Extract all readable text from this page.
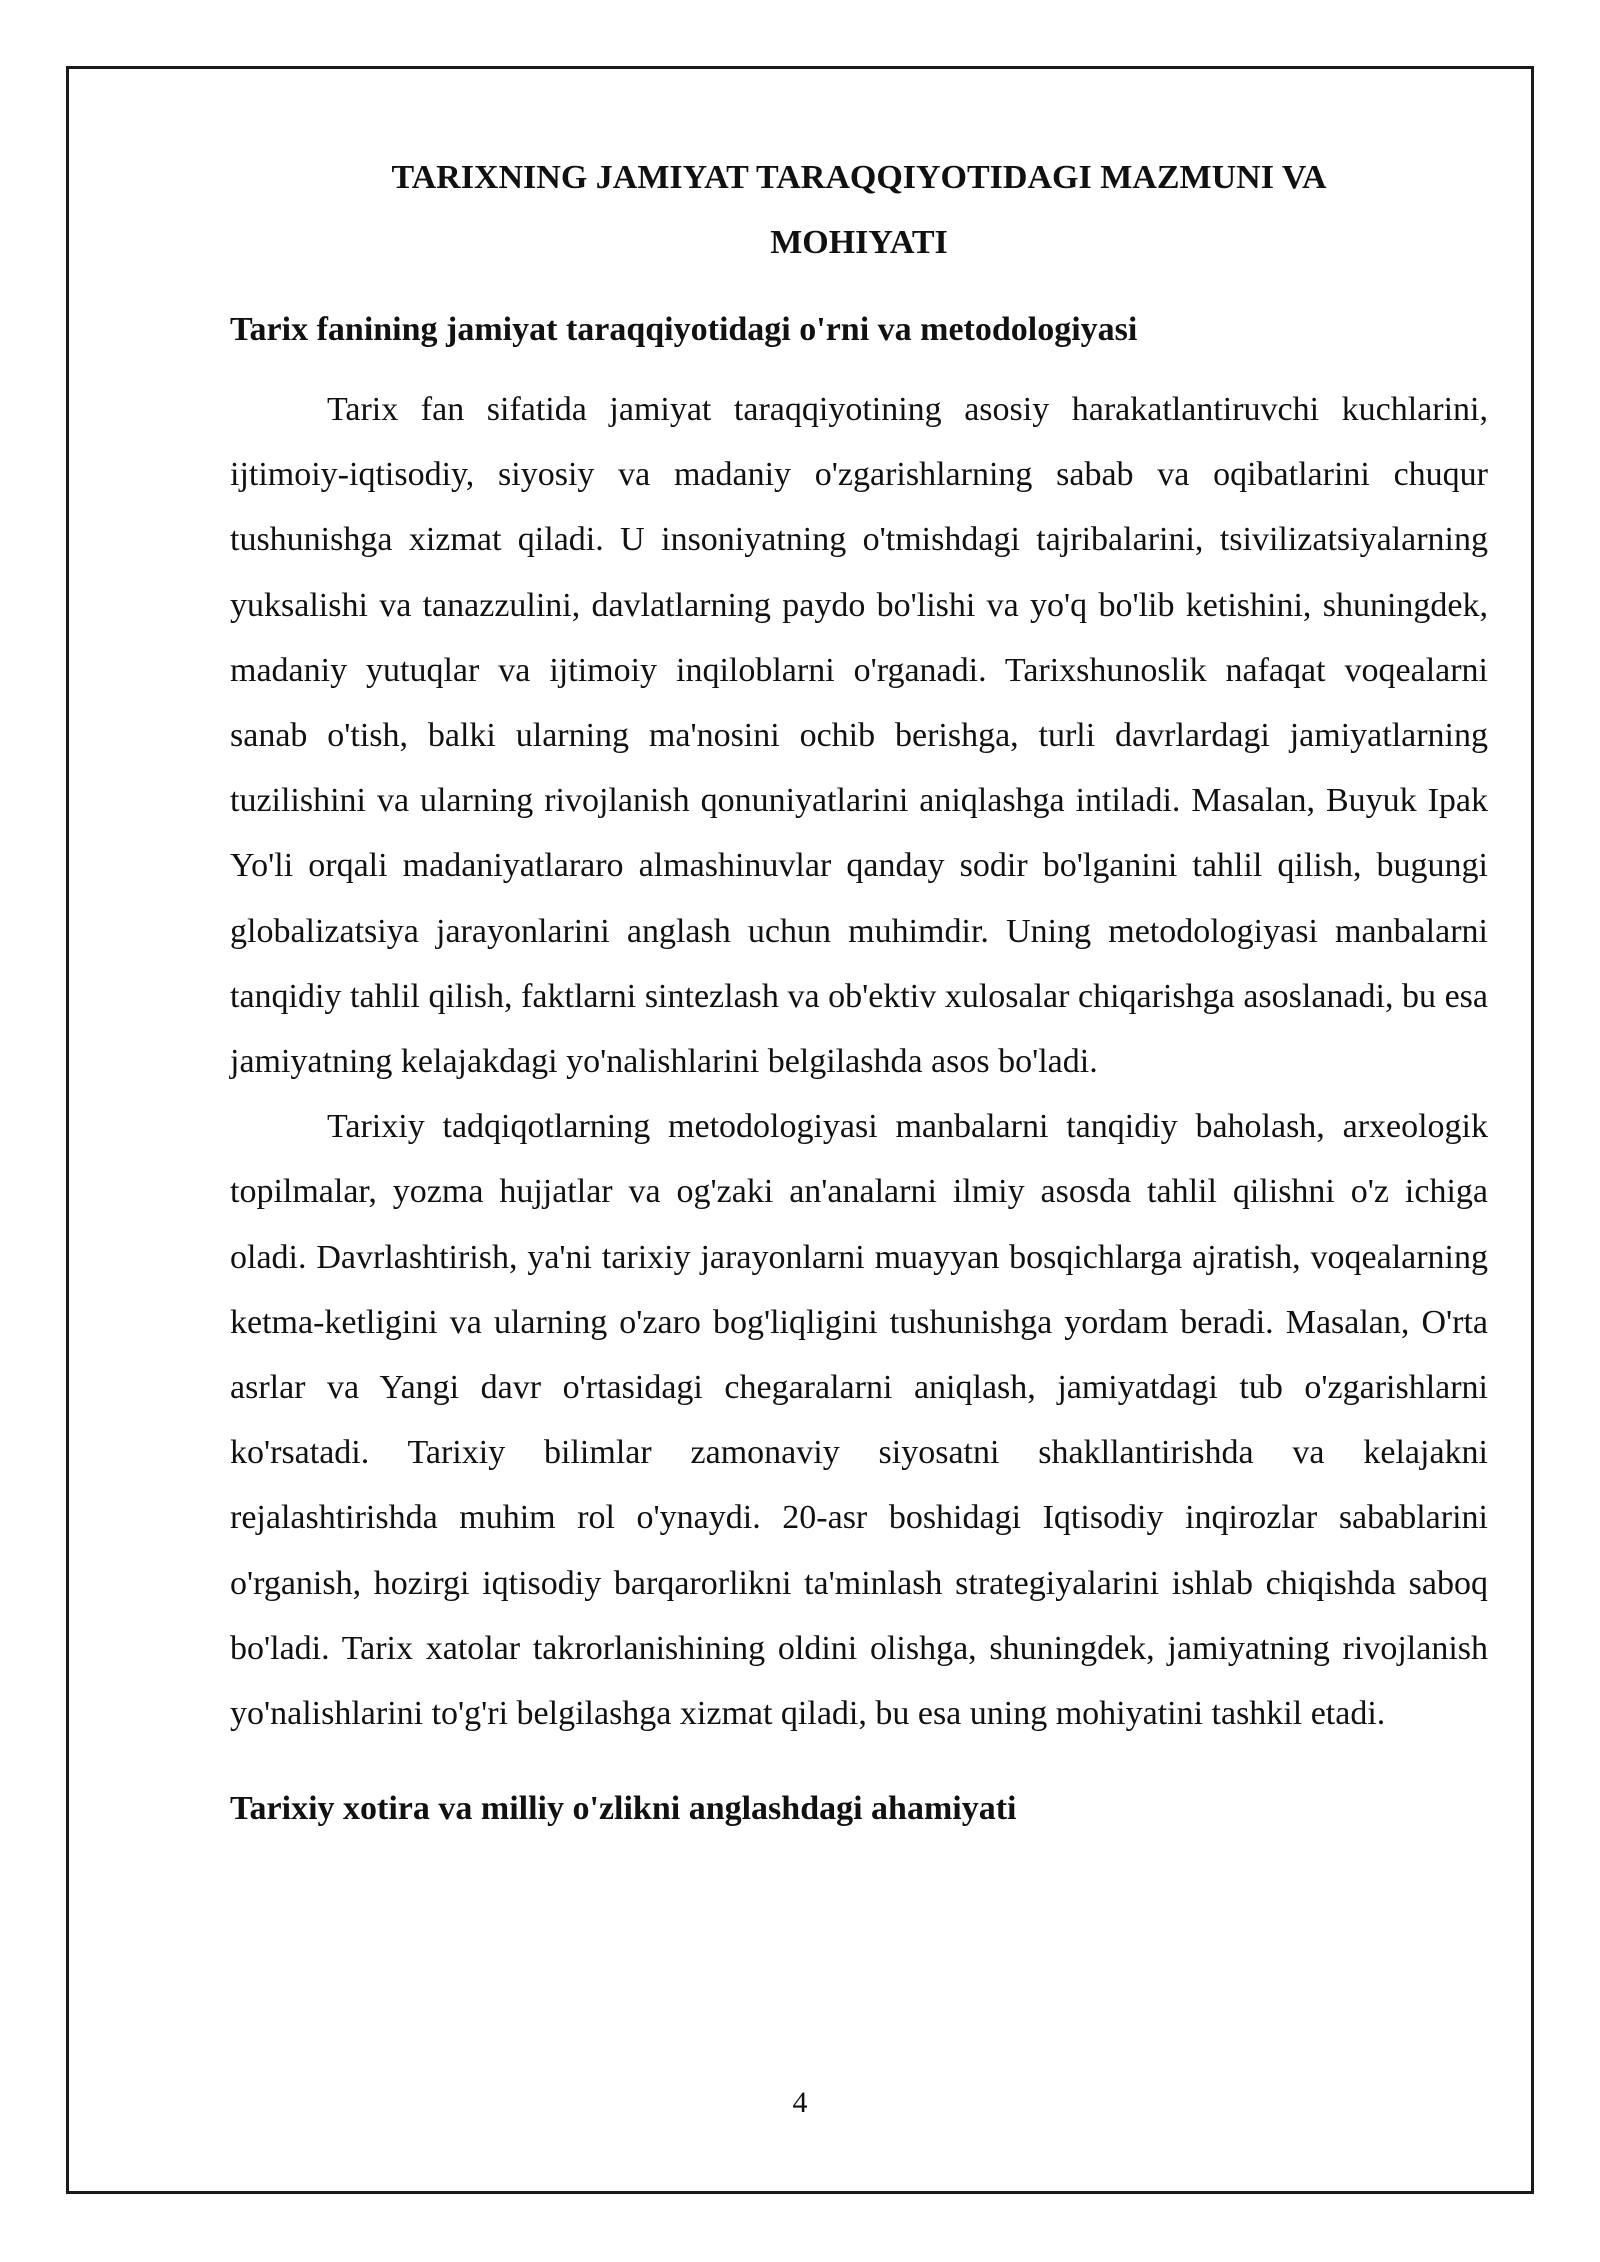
TARIXNING JAMIYAT TARAQQIYOTIDAGI MAZMUNI VA MOHIYATI
Tarix fanining jamiyat taraqqiyotidagi o'rni va metodologiyasi

Tarix fan sifatida jamiyat taraqqiyotining asosiy harakatlantiruvchi kuchlarini, ijtimoiy-iqtisodiy, siyosiy va madaniy o'zgarishlarning sabab va oqibatlarini chuqur tushunishga xizmat qiladi. U insoniyatning o'tmishdagi tajribalarini, tsivilizatsiyalarning yuksalishi va tanazzulini, davlatlarning paydo bo'lishi va yo'q bo'lib ketishini, shuningdek, madaniy yutuqlar va ijtimoiy inqiloblarni o'rganadi. Tarixshunoslik nafaqat voqealarni sanab o'tish, balki ularning ma'nosini ochib berishga, turli davrlardagi jamiyatlarning tuzilishini va ularning rivojlanish qonuniyatlarini aniqlashga intiladi. Masalan, Buyuk Ipak Yo'li orqali madaniyatlararo almashinuvlar qanday sodir bo'lganini tahlil qilish, bugungi globalizatsiya jarayonlarini anglash uchun muhimdir. Uning metodologiyasi manbalarni tanqidiy tahlil qilish, faktlarni sintezlash va ob'ektiv xulosalar chiqarishga asoslanadi, bu esa jamiyatning kelajakdagi yo'nalishlarini belgilashda asos bo'ladi.

Tarixiy tadqiqotlarning metodologiyasi manbalarni tanqidiy baholash, arxeologik topilmalar, yozma hujjatlar va og'zaki an'analarni ilmiy asosda tahlil qilishni o'z ichiga oladi. Davrlashtirish, ya'ni tarixiy jarayonlarni muayyan bosqichlarga ajratish, voqealarning ketma-ketligini va ularning o'zaro bog'liqligini tushunishga yordam beradi. Masalan, O'rta asrlar va Yangi davr o'rtasidagi chegaralarni aniqlash, jamiyatdagi tub o'zgarishlarni ko'rsatadi. Tarixiy bilimlar zamonaviy siyosatni shakllantirishda va kelajakni rejalashtirishda muhim rol o'ynaydi. 20-asr boshidagi Iqtisodiy inqirozlar sabablarini o'rganish, hozirgi iqtisodiy barqarorlikni ta'minlash strategiyalarini ishlab chiqishda saboq bo'ladi. Tarix xatolar takrorlanishining oldini olishga, shuningdek, jamiyatning rivojlanish yo'nalishlarini to'g'ri belgilashga xizmat qiladi, bu esa uning mohiyatini tashkil etadi.

Tarixiy xotira va milliy o'zlikni anglashdagi ahamiyati
4
